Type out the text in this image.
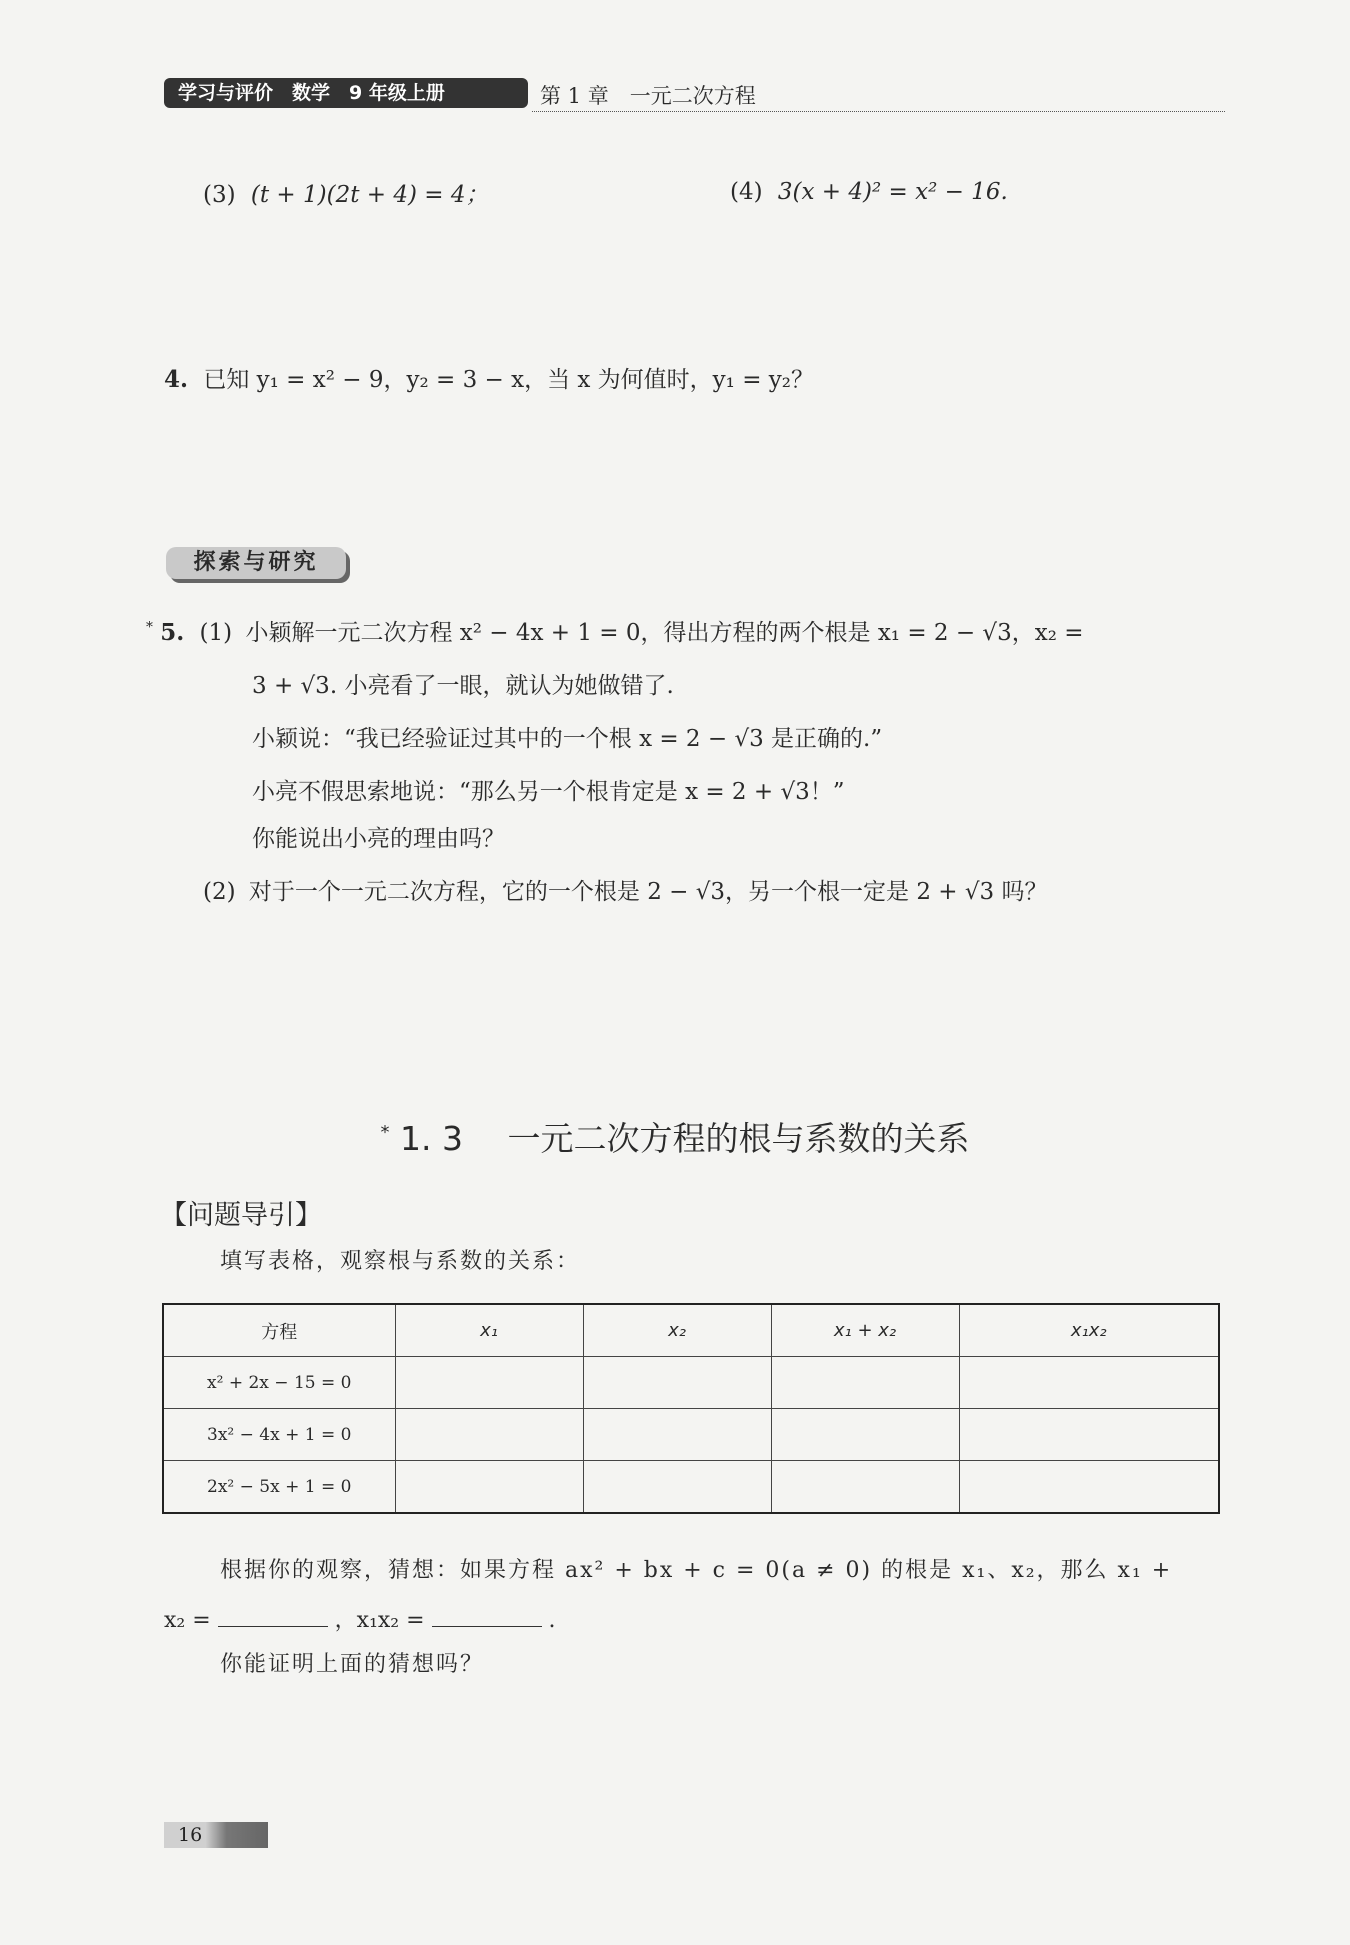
学习与评价　数学　9 年级上册	第 1 章　一元二次方程
(3) (t + 1)(2t + 4) = 4；	(4) 3(x + 4)² = x² − 16.
4. 已知 y₁ = x² − 9，y₂ = 3 − x，当 x 为何值时，y₁ = y₂？
探索与研究
* 5. (1) 小颖解一元二次方程 x² − 4x + 1 = 0，得出方程的两个根是 x₁ = 2 − √3，x₂ =
3 + √3. 小亮看了一眼，就认为她做错了.
小颖说：“我已经验证过其中的一个根 x = 2 − √3 是正确的.”
小亮不假思索地说：“那么另一个根肯定是 x = 2 + √3！”
你能说出小亮的理由吗？
(2) 对于一个一元二次方程，它的一个根是 2 − √3，另一个根一定是 2 + √3 吗？
* 1. 3 一元二次方程的根与系数的关系
【问题导引】
填写表格，观察根与系数的关系：
方程	x₁	x₂	x₁ + x₂	x₁x₂
x² + 2x − 15 = 0				
3x² − 4x + 1 = 0				
2x² − 5x + 1 = 0				
根据你的观察，猜想：如果方程 ax² + bx + c = 0(a ≠ 0) 的根是 x₁、x₂，那么 x₁ +
x₂ =	，x₁x₂ =	.
你能证明上面的猜想吗？
16
